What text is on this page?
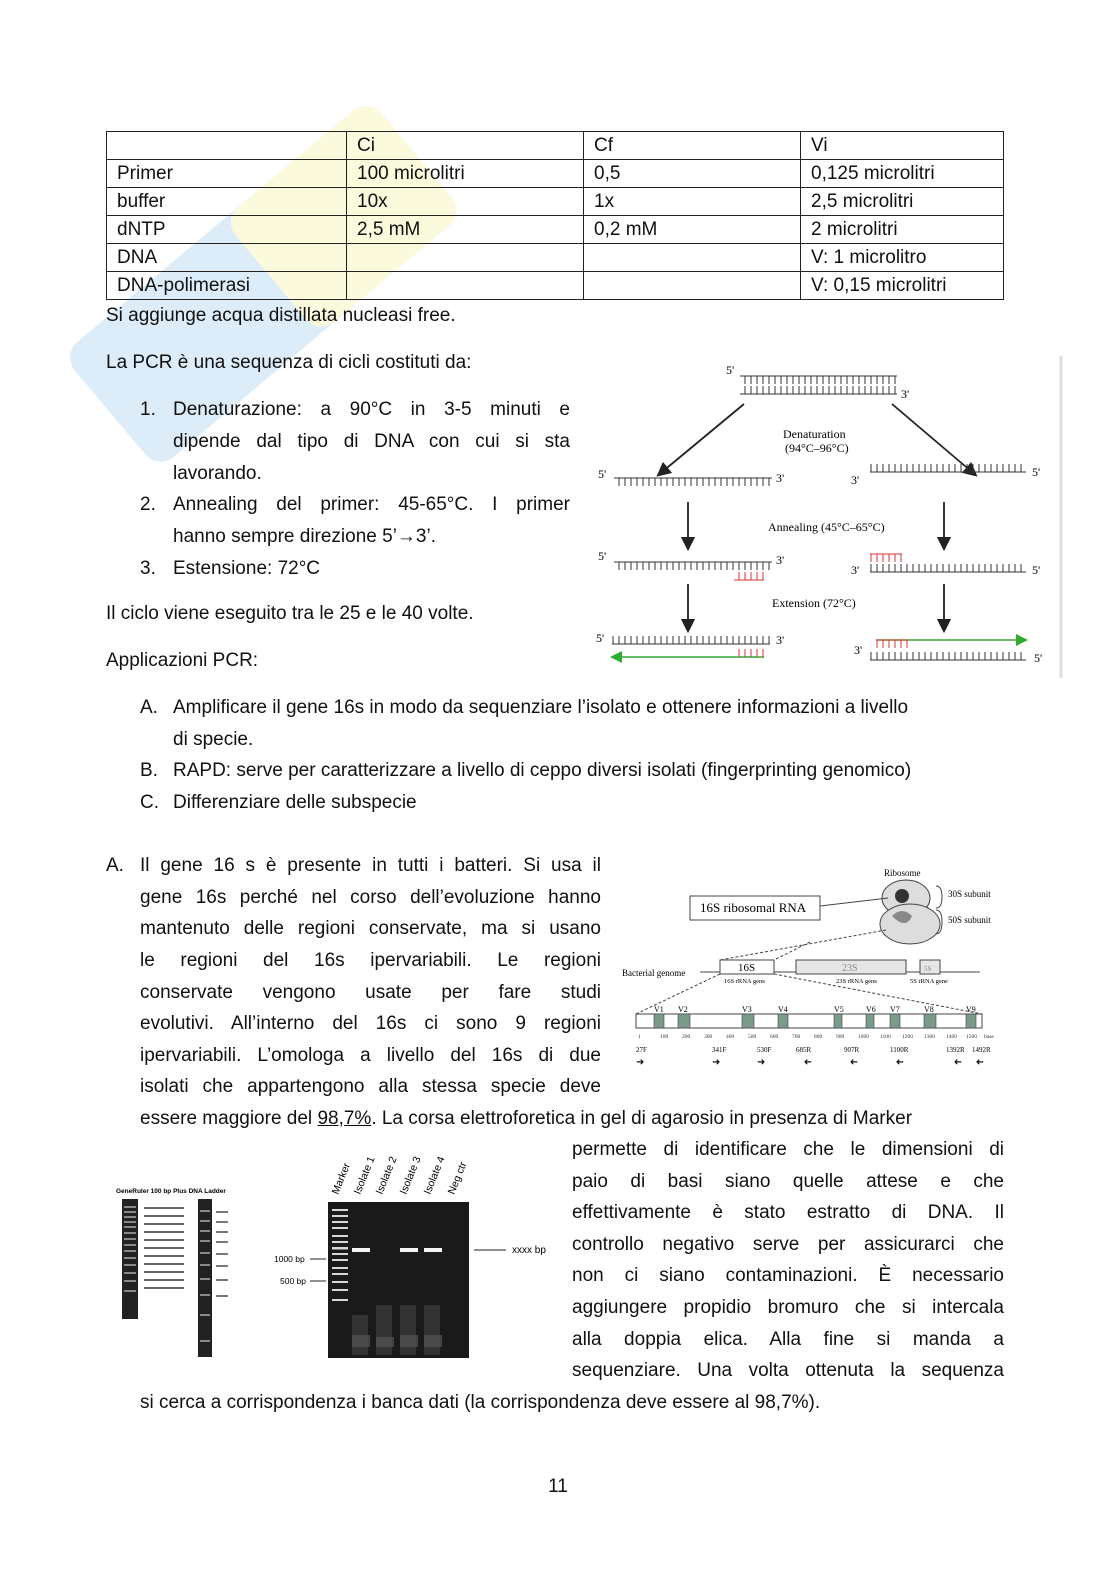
	Ci	Cf	Vi
Primer	100 microlitri	0,5	0,125 microlitri
buffer	10x	1x	2,5 microlitri
dNTP	2,5 mM	0,2 mM	2 microlitri
DNA			V: 1 microlitro
DNA-polimerasi			V: 0,15 microlitri
Si aggiunge acqua distillata nucleasi free.
La PCR è una sequenza di cicli costituti da:
1. Denaturazione: a 90°C in 3-5 minuti e
dipende dal tipo di DNA con cui si sta
lavorando.
2. Annealing del primer: 45-65°C. I primer
hanno sempre direzione 5’→3’.
3. Estensione: 72°C
Il ciclo viene eseguito tra le 25 e le 40 volte.
Applicazioni PCR:
5'
3'
Denaturation
(94°C–96°C)
5'	3'	3'
5'
Annealing (45°C–65°C)
5'	3'
3'	5'
Extension (72°C)
5'	3'
3'
5'
A. Amplificare il gene 16s in modo da sequenziare l’isolato e ottenere informazioni a livello
di specie.
B. RAPD: serve per caratterizzare a livello di ceppo diversi isolati (fingerprinting genomico)
C. Differenziare delle subspecie
A. Il gene 16 s è presente in tutti i batteri. Si usa il
gene 16s perché nel corso dell’evoluzione hanno
mantenuto delle regioni conservate, ma si usano
le regioni del 16s ipervariabili. Le regioni
conservate vengono usate per fare studi
evolutivi. All’interno del 16s ci sono 9 regioni
ipervariabili. L’omologa a livello del 16s di due
isolati che appartengono alla stessa specie deve
essere maggiore del 98,7%. La corsa elettroforetica in gel di agarosio in presenza di Marker
Ribosome
30S subunit
50S subunit
16S ribosomal RNA
Bacterial genome	16S
16S rRNA gene
23S
23S rRNA gene
5S
5S rRNA gene
V1 V2	V3	V4	V5	V6 V7	V8	V9
1	100	200	300	400	500	600	700	800	900	1000 1100 1200 1300 1400 1500 base
27F	341F	530F	685R	907R	1100R	1392R 1492R
➜	➜	➜	➜	➜	➜	➜ ➜
permette di identificare che le dimensioni di
paio di basi siano quelle attese e che
effettivamente è stato estratto di DNA. Il
controllo negativo serve per assicurarci che
non ci siano contaminazioni. È necessario
aggiungere propidio bromuro che si intercala
alla doppia elica. Alla fine si manda a
sequenziare. Una volta ottenuta la sequenza
si cerca a corrispondenza i banca dati (la corrispondenza deve essere al 98,7%).
GeneRuler 100 bp Plus DNA Ladder	Marker
Isolate 1
Isolate 2
Isolate 3
Isolate 4
Neg ctr
1000 bp
500 bp
xxxx bp
11
